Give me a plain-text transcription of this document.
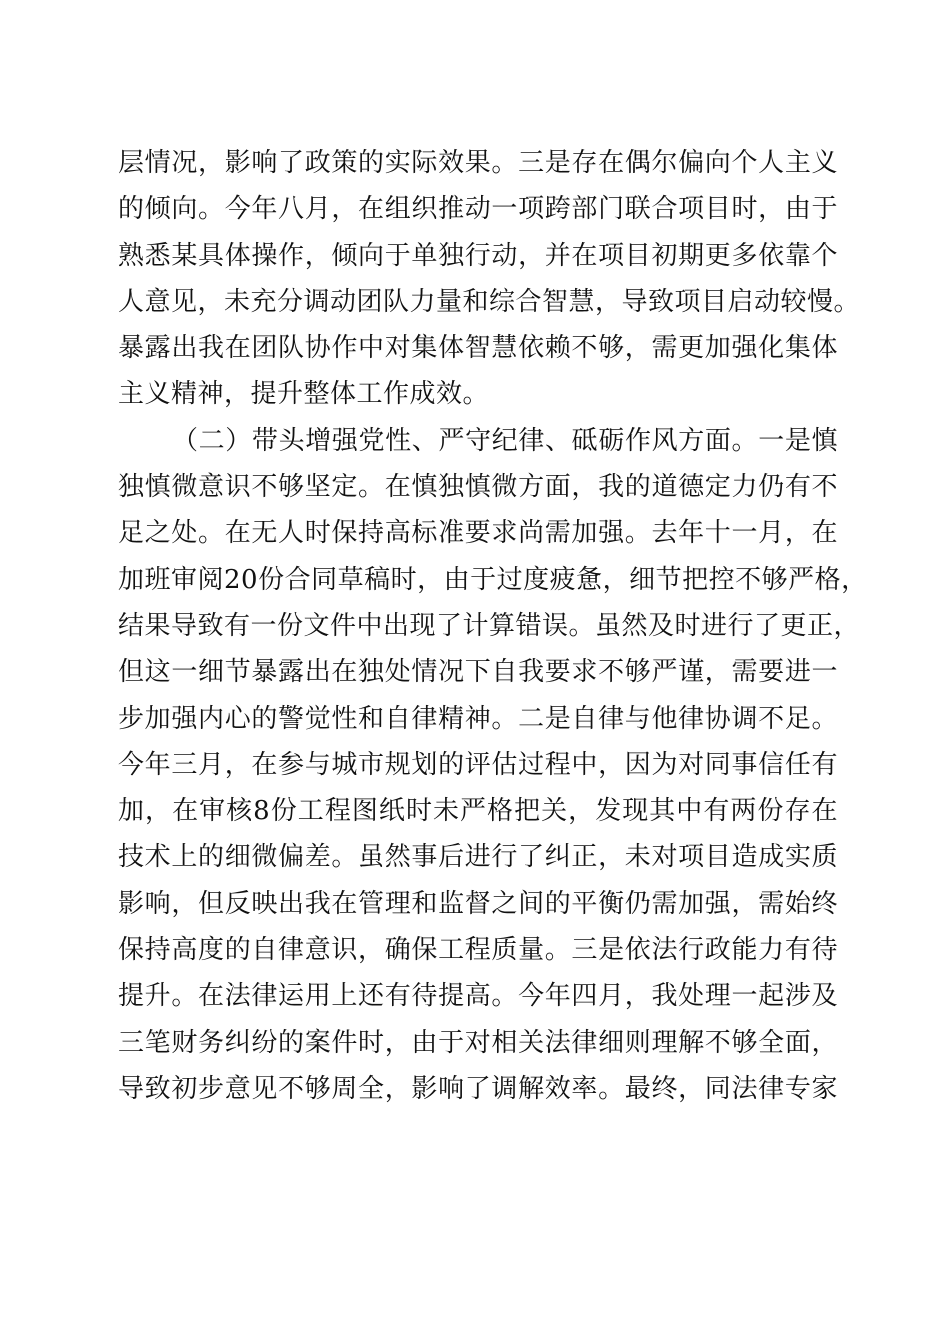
层情况，影响了政策的实际效果。三是存在偶尔偏向个人主义
的倾向。今年八月，在组织推动一项跨部门联合项目时，由于
熟悉某具体操作，倾向于单独行动，并在项目初期更多依靠个
人意见，未充分调动团队力量和综合智慧，导致项目启动较慢。
暴露出我在团队协作中对集体智慧依赖不够，需更加强化集体
主义精神，提升整体工作成效。
（二）带头增强党性、严守纪律、砥砺作风方面。一是慎
独慎微意识不够坚定。在慎独慎微方面，我的道德定力仍有不
足之处。在无人时保持高标准要求尚需加强。去年十一月，在
加班审阅20份合同草稿时，由于过度疲惫，细节把控不够严格，
结果导致有一份文件中出现了计算错误。虽然及时进行了更正，
但这一细节暴露出在独处情况下自我要求不够严谨，需要进一
步加强内心的警觉性和自律精神。二是自律与他律协调不足。
今年三月，在参与城市规划的评估过程中，因为对同事信任有
加，在审核8份工程图纸时未严格把关，发现其中有两份存在
技术上的细微偏差。虽然事后进行了纠正，未对项目造成实质
影响，但反映出我在管理和监督之间的平衡仍需加强，需始终
保持高度的自律意识，确保工程质量。三是依法行政能力有待
提升。在法律运用上还有待提高。今年四月，我处理一起涉及
三笔财务纠纷的案件时，由于对相关法律细则理解不够全面，
导致初步意见不够周全，影响了调解效率。最终，同法律专家
